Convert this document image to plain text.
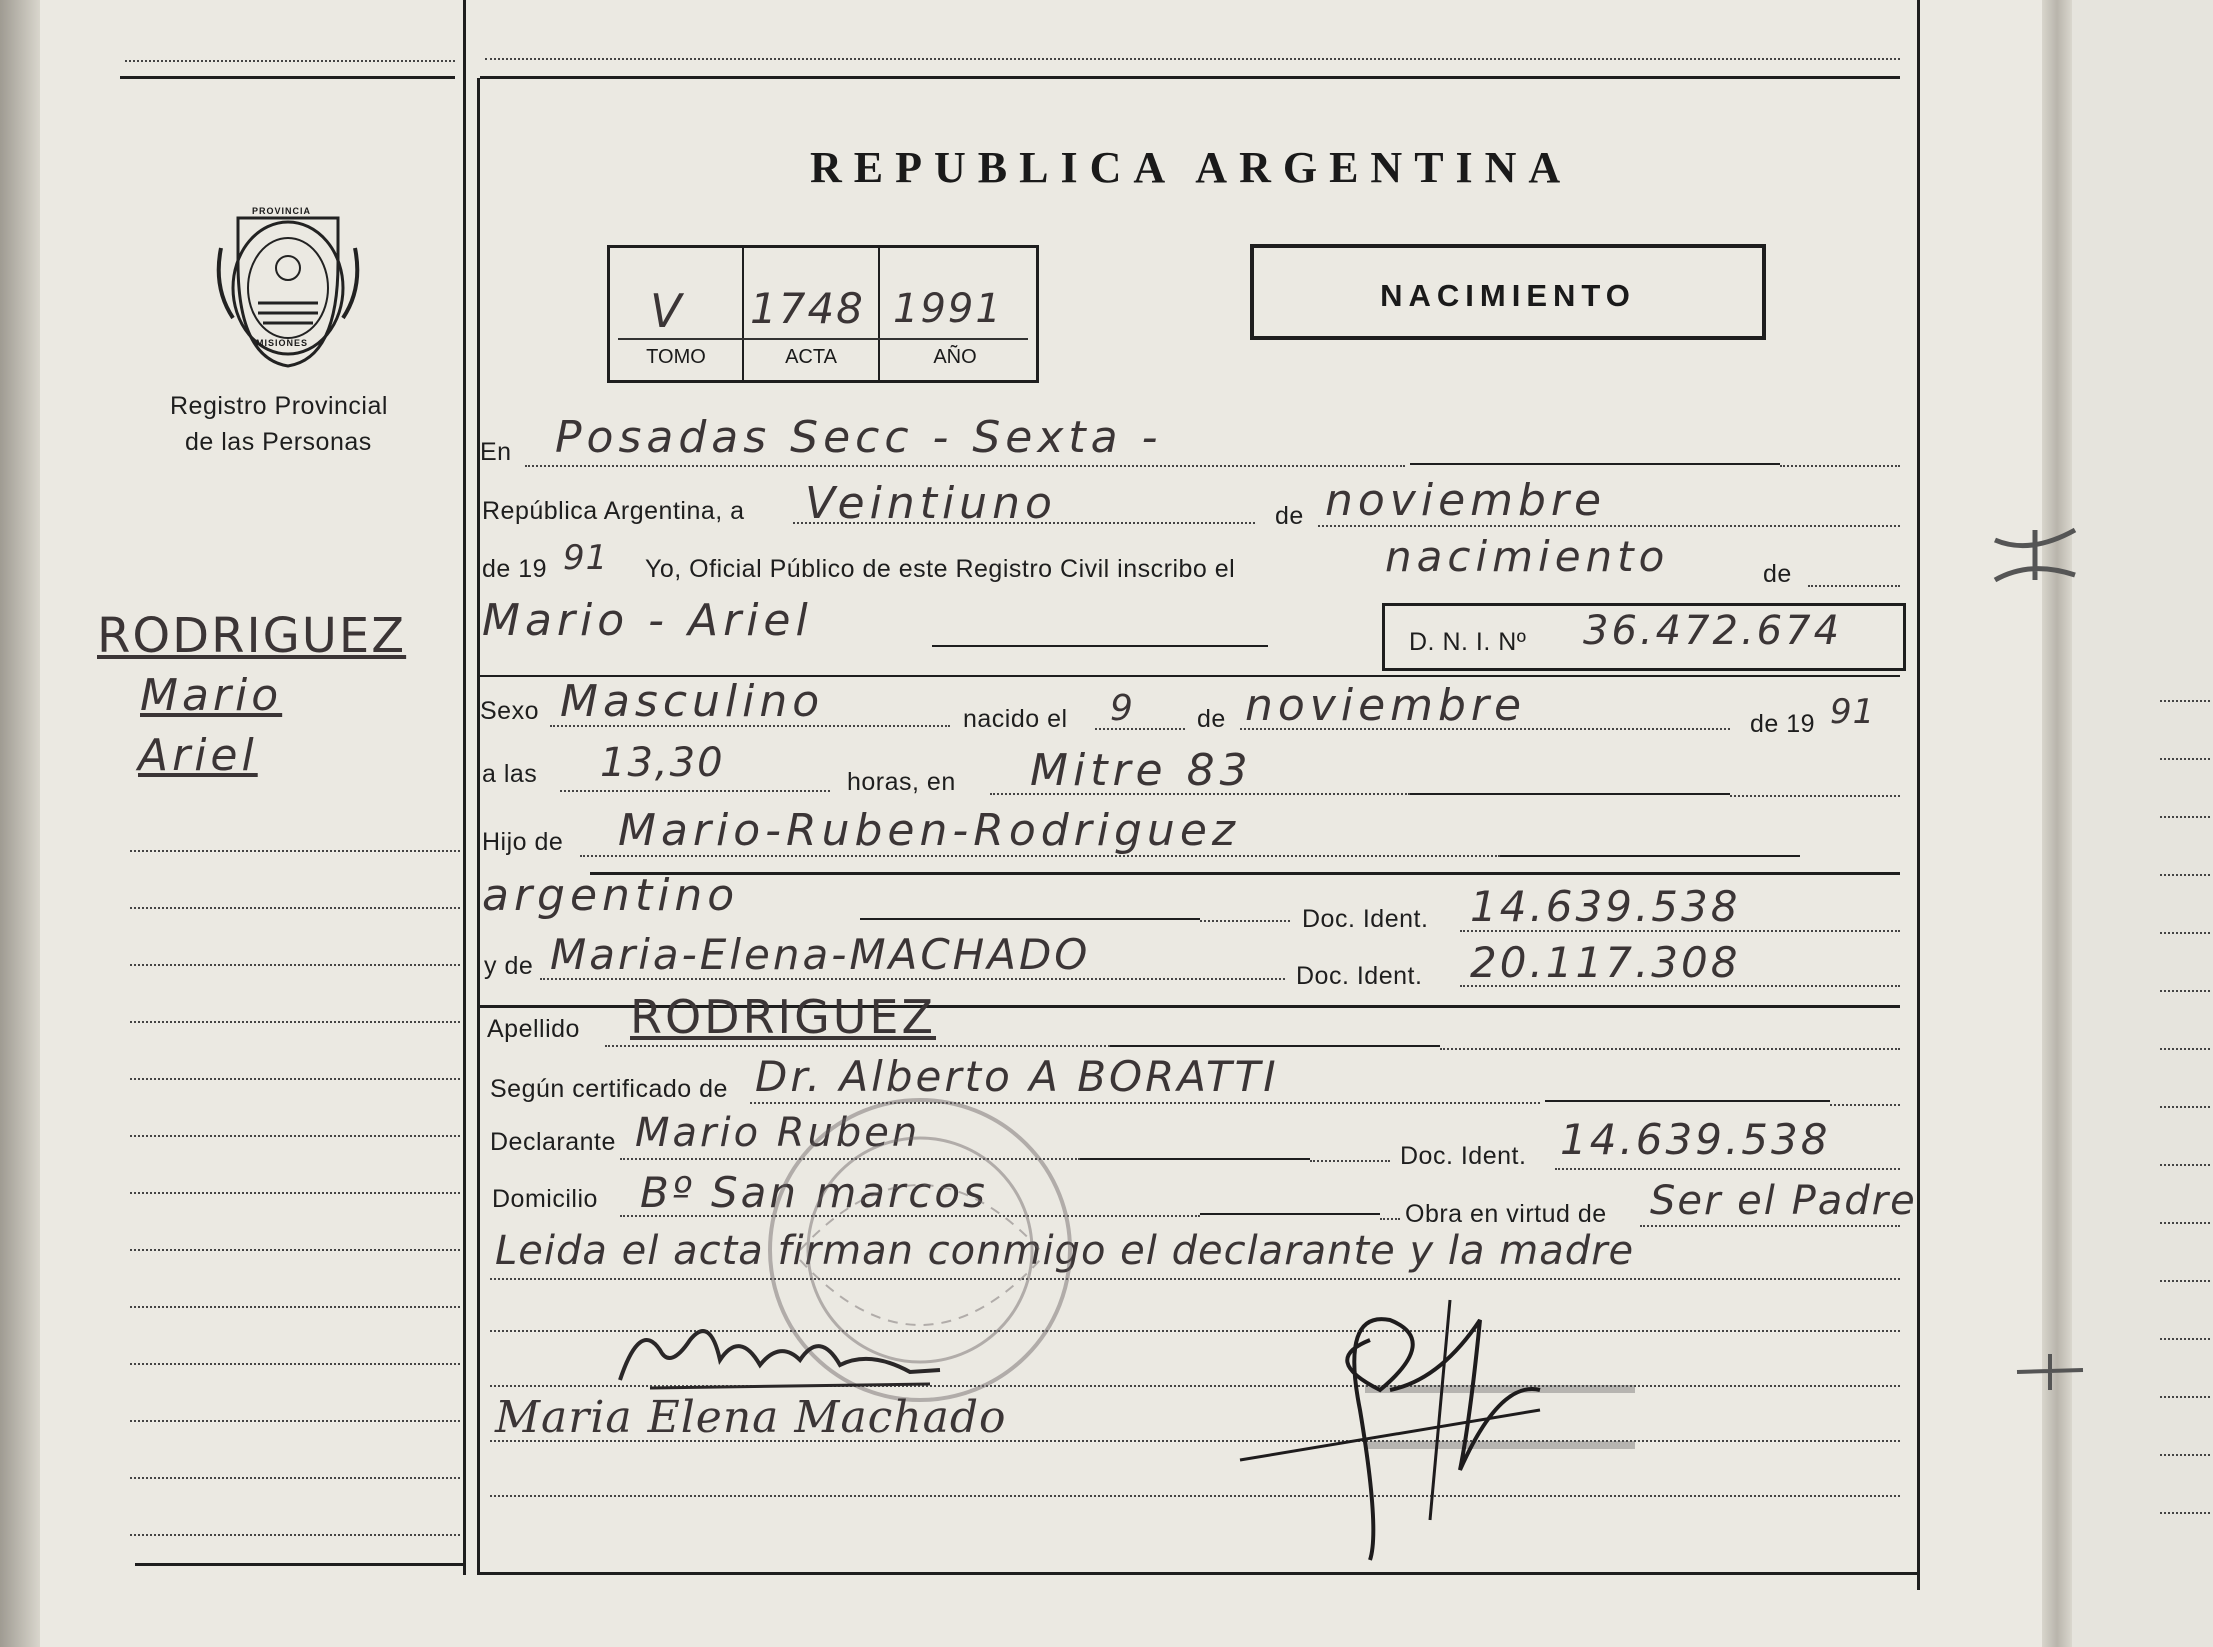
REPUBLICA ARGENTINA
V 1748 1991
TOMO	ACTA	AÑO
NACIMIENTO
PROVINCIA
MISIONES
Registro Provincial
de las Personas
RODRIGUEZ
Mario
Ariel
En Posadas Secc - Sexta -
República Argentina, a Veintiuno	de noviembre
de 19 91 Yo, Oficial Público de este Registro Civil inscribo el	nacimiento	de
Mario - Ariel	D. N. I. Nº 36.472.674
Sexo Masculino	nacido el 9 de noviembre	de 19 91
a las 13,30	horas, en Mitre 83
Hijo de Mario-Ruben-Rodriguez
argentino	Doc. Ident. 14.639.538
y de Maria-Elena-MACHADO	Doc. Ident. 20.117.308
Apellido RODRIGUEZ
Según certificado de Dr. Alberto A BORATTI
Declarante Mario Ruben	Doc. Ident. 14.639.538
Domicilio Bº San marcos	Obra en virtud de Ser el Padre
Leida el acta firman conmigo el declarante y la madre
Maria Elena Machado
